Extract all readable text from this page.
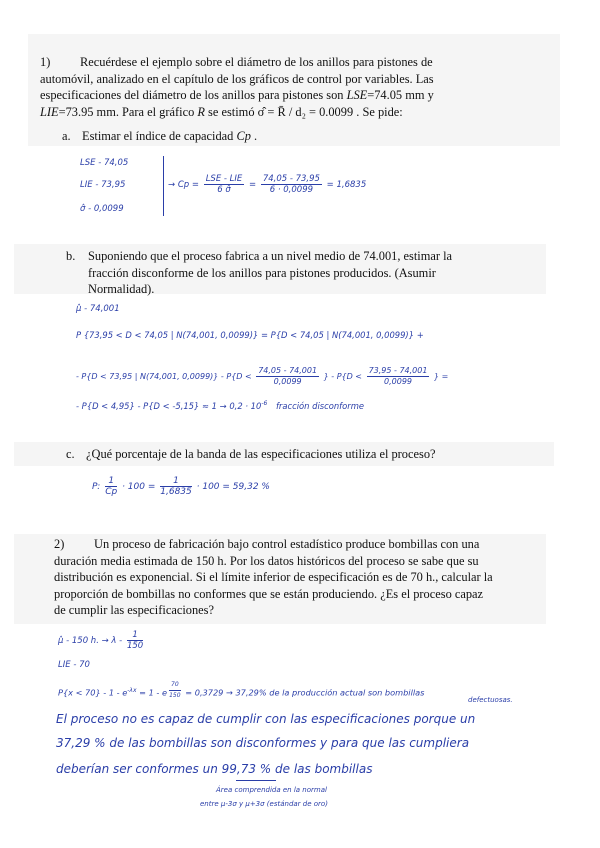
1) Recuérdese el ejemplo sobre el diámetro de los anillos para pistones de
automóvil, analizado en el capítulo de los gráficos de control por variables. Las
especificaciones del diámetro de los anillos para pistones son LSE=74.05 mm y
LIE=73.95 mm. Para el gráfico R se estimó σ̂ = R̄ / d₂ = 0.0099 . Se pide:
a. Estimar el índice de capacidad Cp .
LSE - 74,05
LIE - 73,95
σ̂ - 0,0099
→ $Cp = \frac{\text{LSE - LIE}}{6 \sigmâ} = \frac{74,05 - 73,95}{6 \cdot 0,0099} = 1,6835$
b. Suponiendo que el proceso fabrica a un nivel medio de 74.001, estimar la
fracción disconforme de los anillos para pistones producidos. (Asumir
Normalidad).
μ̂ - 74,001
P {73,95 < D < 74,05 | N(74,001, 0,0099)} = P{D < 74,05 | N(74,001, 0,0099)} +
- P{D < 73,95 | N(74,001, $0,0099)\} - P\{D < \frac{74,05 - 74,001}{0,0099}$ } - $P\{D < \frac{73,95 - 74,001}{0,0099}$ } =
- $P\{D < 4,95\} - P\{D < -5,15\} \approx 1 \to 0,2 \cdot 10^{-6}$ fracción disconforme
c. ¿Qué porcentaje de la banda de las especificaciones utiliza el proceso?
P: $\frac{1}{Cp} \cdot 100 = \frac{1}{1,6835} \cdot 100 = 59,32$ %
2) Un proceso de fabricación bajo control estadístico produce bombillas con una
duración media estimada de 150 h. Por los datos históricos del proceso se sabe que su
distribución es exponencial. Si el límite inferior de especificación es de 70 h., calcular la
proporción de bombillas no conformes que se están produciendo. ¿Es el proceso capaz
de cumplir las especificaciones?
μ̂ - 150 h. → λ - $\frac{1}{150}$
LIE - 70
$P\{x < 70\} - 1 - e^{-\lambda x} = 1 - e$ $^{\frac{70}{150}}$ = 0,3729 → 37,29% de la producción actual son bombillas
defectuosas.
El proceso no es capaz de cumplir con las especificaciones porque un
37,29 % de las bombillas son disconformes y para que las cumpliera
deberían ser conformes un 99,73 % de las bombillas
Área comprendida en la normal
entre μ-3σ y μ+3σ (estándar de oro)
